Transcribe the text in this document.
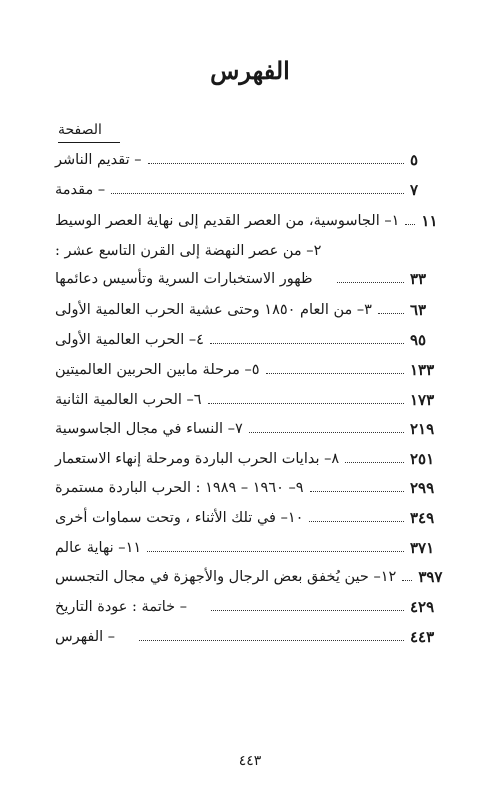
الفهرس
الصفحة
– تقديم الناشر	٥
– مقدمة	٧
١– الجاسوسية، من العصر القديم إلى نهاية العصر الوسيط ١١
٢– من عصر النهضة إلى القرن التاسع عشر :
ظهور الاستخبارات السرية وتأسيس دعائمها	٣٣
٣– من العام ١٨٥٠ وحتى عشية الحرب العالمية الأولى	٦٣
٤– الحرب العالمية الأولى	٩٥
٥– مرحلة مابين الحربين العالميتين	١٣٣
٦– الحرب العالمية الثانية	١٧٣
٧– النساء في مجال الجاسوسية	٢١٩
٨– بدايات الحرب الباردة ومرحلة إنهاء الاستعمار	٢٥١
٩– ١٩٦٠ – ١٩٨٩ : الحرب الباردة مستمرة	٢٩٩
١٠– في تلك الأثناء ، وتحت سماوات أخرى	٣٤٩
١١– نهاية عالم	٣٧١
١٢– حين يُخفق بعض الرجال والأجهزة في مجال التجسس ٣٩٧
– خاتمة : عودة التاريخ	٤٢٩
– الفهرس	٤٤٣
٤٤٣
